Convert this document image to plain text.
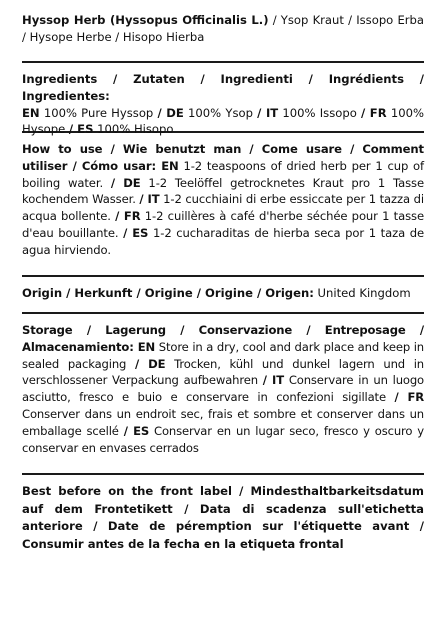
Hyssop Herb (Hyssopus Officinalis L.) / Ysop Kraut / Issopo Erba / Hysope Herbe / Hisopo Hierba
Ingredients / Zutaten / Ingredienti / Ingrédients / Ingredientes:
EN 100% Pure Hyssop / DE 100% Ysop / IT 100% Issopo / FR 100% Hysope / ES 100% Hisopo
How to use / Wie benutzt man / Come usare / Comment utiliser / Cómo usar: EN 1-2 teaspoons of dried herb per 1 cup of boiling water. / DE 1-2 Teelöffel getrocknetes Kraut pro 1 Tasse kochendem Wasser. / IT 1-2 cucchiaini di erbe essiccate per 1 tazza di acqua bollente. / FR 1-2 cuillères à café d'herbe séchée pour 1 tasse d'eau bouillante. / ES 1-2 cucharaditas de hierba seca por 1 taza de agua hirviendo.
Origin / Herkunft / Origine / Origine / Origen: United Kingdom
Storage / Lagerung / Conservazione / Entreposage / Almacenamiento: EN Store in a dry, cool and dark place and keep in sealed packaging / DE Trocken, kühl und dunkel lagern und in verschlossener Verpackung aufbewahren / IT Conservare in un luogo asciutto, fresco e buio e conservare in confezioni sigillate / FR Conserver dans un endroit sec, frais et sombre et conserver dans un emballage scellé / ES Conservar en un lugar seco, fresco y oscuro y conservar en envases cerrados
Best before on the front label / Mindesthaltbarkeitsdatum auf dem Frontetikett / Data di scadenza sull'etichetta anteriore / Date de péremption sur l'étiquette avant / Consumir antes de la fecha en la etiqueta frontal
